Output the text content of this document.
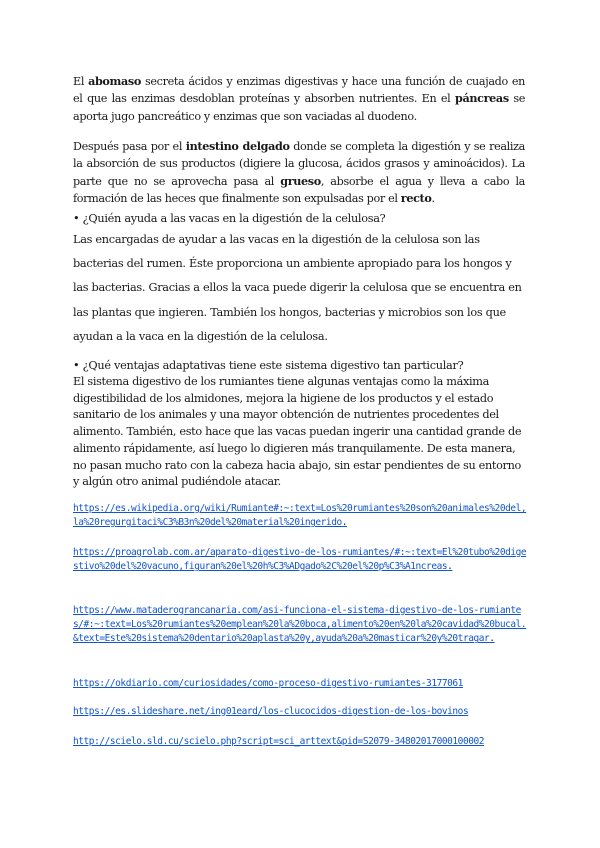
El abomaso secreta ácidos y enzimas digestivas y hace una función de cuajado en el que las enzimas desdoblan proteínas y absorben nutrientes. En el páncreas se aporta jugo pancreático y enzimas que son vaciadas al duodeno.

Después pasa por el intestino delgado donde se completa la digestión y se realiza la absorción de sus productos (digiere la glucosa, ácidos grasos y aminoácidos). La parte que no se aprovecha pasa al grueso, absorbe el agua y lleva a cabo la formación de las heces que finalmente son expulsadas por el recto.

• ¿Quién ayuda a las vacas en la digestión de la celulosa?

Las encargadas de ayudar a las vacas en la digestión de la celulosa son las bacterias del rumen. Éste proporciona un ambiente apropiado para los hongos y las bacterias. Gracias a ellos la vaca puede digerir la celulosa que se encuentra en las plantas que ingieren. También los hongos, bacterias y microbios son los que ayudan a la vaca en la digestión de la celulosa.

• ¿Qué ventajas adaptativas tiene este sistema digestivo tan particular?

El sistema digestivo de los rumiantes tiene algunas ventajas como la máxima digestibilidad de los almidones, mejora la higiene de los productos y el estado sanitario de los animales y una mayor obtención de nutrientes procedentes del alimento. También, esto hace que las vacas puedan ingerir una cantidad grande de alimento rápidamente, así luego lo digieren más tranquilamente. De esta manera, no pasan mucho rato con la cabeza hacia abajo, sin estar pendientes de su entorno y algún otro animal pudiéndole atacar.

https://es.wikipedia.org/wiki/Rumiante#:~:text=Los%20rumiantes%20son%20animales%20del,la%20regurgitaci%C3%B3n%20del%20material%20ingerido.

https://proagrolab.com.ar/aparato-digestivo-de-los-rumiantes/#:~:text=El%20tubo%20digestivo%20del%20vacuno,figuran%20el%20h%C3%ADgado%2C%20el%20p%C3%A1ncreas.

https://www.mataderograncanaria.com/asi-funciona-el-sistema-digestivo-de-los-rumiantes/#:~:text=Los%20rumiantes%20emplean%20la%20boca,alimento%20en%20la%20cavidad%20bucal.&text=Este%20sistema%20dentario%20aplasta%20y,ayuda%20a%20masticar%20y%20tragar.

https://okdiario.com/curiosidades/como-proceso-digestivo-rumiantes-3177061

https://es.slideshare.net/ing01eard/los-clucocidos-digestion-de-los-bovinos

http://scielo.sld.cu/scielo.php?script=sci_arttext&pid=S2079-34802017000100002
